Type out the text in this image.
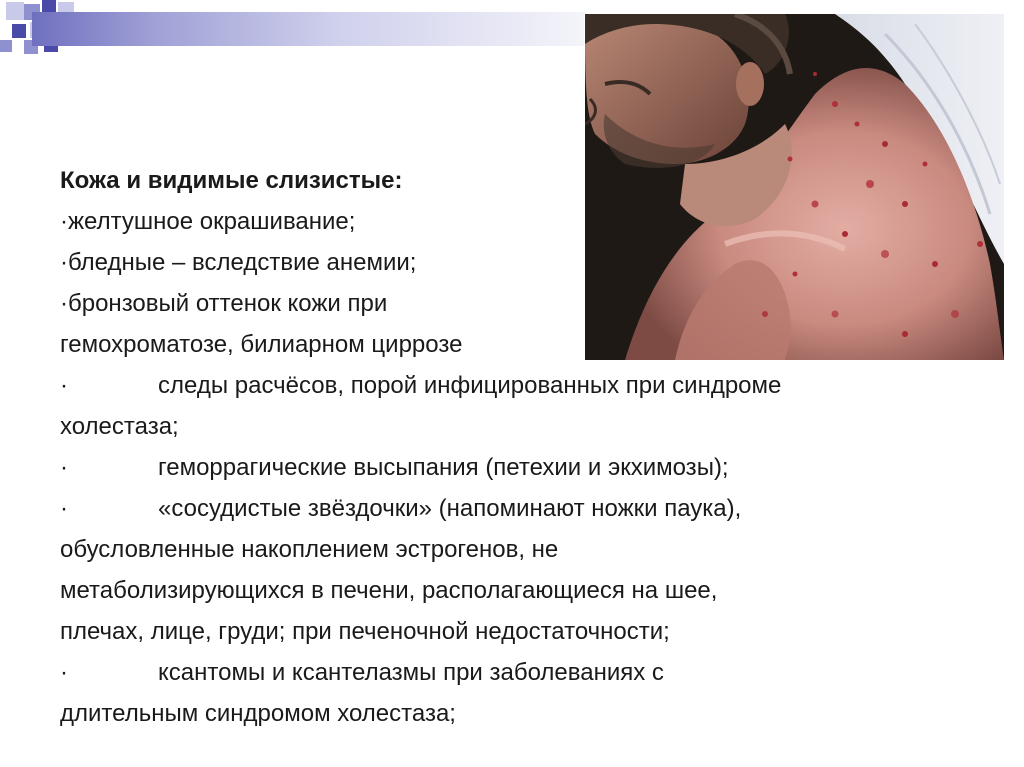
Кожа и видимые слизистые:
·желтушное окрашивание;
·бледные – вследствие анемии;
·бронзовый оттенок кожи при
гемохроматозе, билиарном циррозе
·	следы расчёсов, порой инфицированных при синдроме
холестаза;
·	геморрагические высыпания (петехии и экхимозы);
·	«сосудистые звёздочки» (напоминают ножки паука),
обусловленные накоплением эстрогенов, не
метаболизирующихся в печени, располагающиеся на шее,
плечах, лице, груди; при печеночной недостаточности;
·	ксантомы и ксантелазмы при заболеваниях с
длительным синдромом холестаза;
